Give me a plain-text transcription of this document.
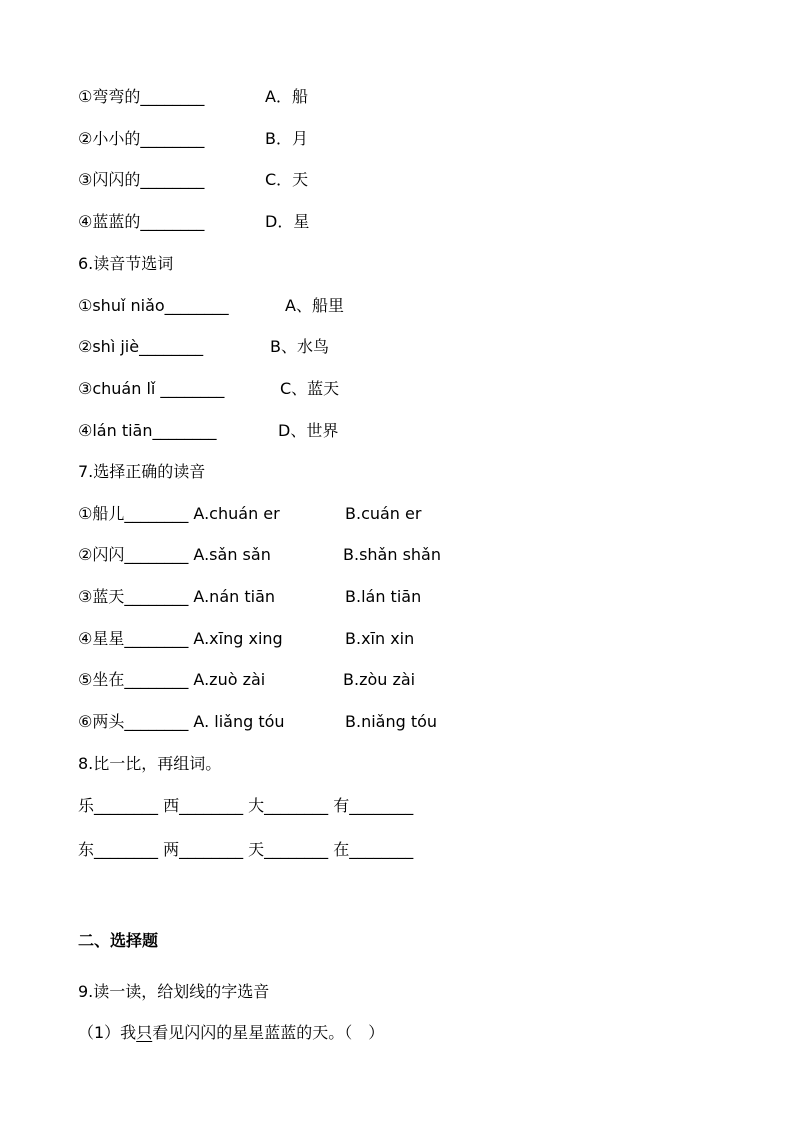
①弯弯的________	A．船
②小小的________	B．月
③闪闪的________	C．天
④蓝蓝的________	D．星
6.读音节选词
①shuǐ niǎo________	A、船里
②shì jiè________	B、水鸟
③chuán lǐ ________	C、蓝天
④lán tiān________	D、世界
7.选择正确的读音
①船儿________ A.chuán er	B.cuán er
②闪闪________ A.sǎn sǎn	B.shǎn shǎn
③蓝天________ A.nán tiān	B.lán tiān
④星星________ A.xīng xing	B.xīn xin
⑤坐在________ A.zuò zài	B.zòu zài
⑥两头________ A. liǎng tóu	B.niǎng tóu
8.比一比，再组词。
乐________ 西________ 大________ 有________
东________ 两________ 天________ 在________
二、选择题
9.读一读，给划线的字选音
（1）我只看见闪闪的星星蓝蓝的天。（　）
